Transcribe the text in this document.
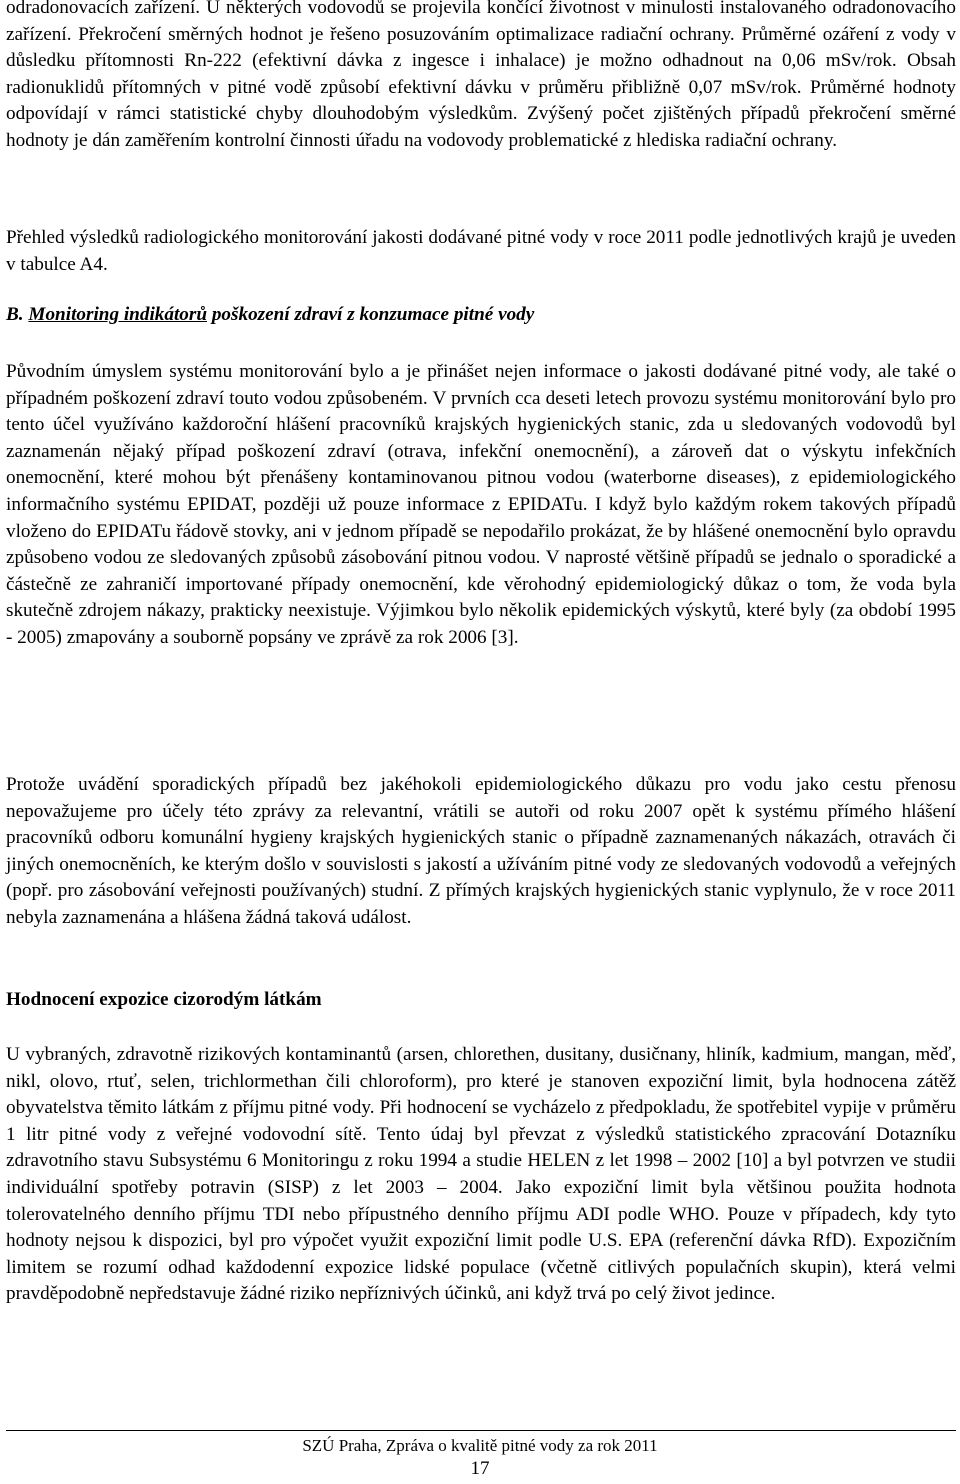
odradonovacích zařízení. U některých vodovodů se projevila končící životnost v minulosti instalovaného odradonovacího zařízení. Překročení směrných hodnot je řešeno posuzováním optimalizace radiační ochrany. Průměrné ozáření z vody v důsledku přítomnosti Rn-222 (efektivní dávka z ingesce i inhalace) je možno odhadnout na 0,06 mSv/rok. Obsah radionuklidů přítomných v pitné vodě způsobí efektivní dávku v průměru přibližně 0,07 mSv/rok. Průměrné hodnoty odpovídají v rámci statistické chyby dlouhodobým výsledkům. Zvýšený počet zjištěných případů překročení směrné hodnoty je dán zaměřením kontrolní činnosti úřadu na vodovody problematické z hlediska radiační ochrany.

Přehled výsledků radiologického monitorování jakosti dodávané pitné vody v roce 2011 podle jednotlivých krajů je uveden v tabulce A4.

B. Monitoring indikátorů poškození zdraví z konzumace pitné vody

Původním úmyslem systému monitorování bylo a je přinášet nejen informace o jakosti dodávané pitné vody, ale také o případném poškození zdraví touto vodou způsobeném. V prvních cca deseti letech provozu systému monitorování bylo pro tento účel využíváno každoroční hlášení pracovníků krajských hygienických stanic, zda u sledovaných vodovodů byl zaznamenán nějaký případ poškození zdraví (otrava, infekční onemocnění), a zároveň dat o výskytu infekčních onemocnění, které mohou být přenášeny kontaminovanou pitnou vodou (waterborne diseases), z epidemiologického informačního systému EPIDAT, později už pouze informace z EPIDATu. I když bylo každým rokem takových případů vloženo do EPIDATu řádově stovky, ani v jednom případě se nepodařilo prokázat, že by hlášené onemocnění bylo opravdu způsobeno vodou ze sledovaných způsobů zásobování pitnou vodou. V naprosté většině případů se jednalo o sporadické a částečně ze zahraničí importované případy onemocnění, kde věrohodný epidemiologický důkaz o tom, že voda byla skutečně zdrojem nákazy, prakticky neexistuje. Výjimkou bylo několik epidemických výskytů, které byly (za období 1995 - 2005) zmapovány a souborně popsány ve zprávě za rok 2006 [3].

Protože uvádění sporadických případů bez jakéhokoli epidemiologického důkazu pro vodu jako cestu přenosu nepovažujeme pro účely této zprávy za relevantní, vrátili se autoři od roku 2007 opět k systému přímého hlášení pracovníků odboru komunální hygieny krajských hygienických stanic o případně zaznamenaných nákazách, otravách či jiných onemocněních, ke kterým došlo v souvislosti s jakostí a užíváním pitné vody ze sledovaných vodovodů a veřejných (popř. pro zásobování veřejnosti používaných) studní. Z přímých krajských hygienických stanic vyplynulo, že v roce 2011 nebyla zaznamenána a hlášena žádná taková událost.

Hodnocení expozice cizorodým látkám

U vybraných, zdravotně rizikových kontaminantů (arsen, chlorethen, dusitany, dusičnany, hliník, kadmium, mangan, měď, nikl, olovo, rtuť, selen, trichlormethan čili chloroform), pro které je stanoven expoziční limit, byla hodnocena zátěž obyvatelstva těmito látkám z příjmu pitné vody. Při hodnocení se vycházelo z předpokladu, že spotřebitel vypije v průměru 1 litr pitné vody z veřejné vodovodní sítě. Tento údaj byl převzat z výsledků statistického zpracování Dotazníku zdravotního stavu Subsystému 6 Monitoringu z roku 1994 a studie HELEN z let 1998 – 2002 [10] a byl potvrzen ve studii individuální spotřeby potravin (SISP) z let 2003 – 2004. Jako expoziční limit byla většinou použita hodnota tolerovatelného denního příjmu TDI nebo přípustného denního příjmu ADI podle WHO. Pouze v případech, kdy tyto hodnoty nejsou k dispozici, byl pro výpočet využit expoziční limit podle U.S. EPA (referenční dávka RfD). Expozičním limitem se rozumí odhad každodenní expozice lidské populace (včetně citlivých populačních skupin), která velmi pravděpodobně nepředstavuje žádné riziko nepříznivých účinků, ani když trvá po celý život jedince.

SZÚ Praha, Zpráva o kvalitě pitné vody za rok 2011
17
